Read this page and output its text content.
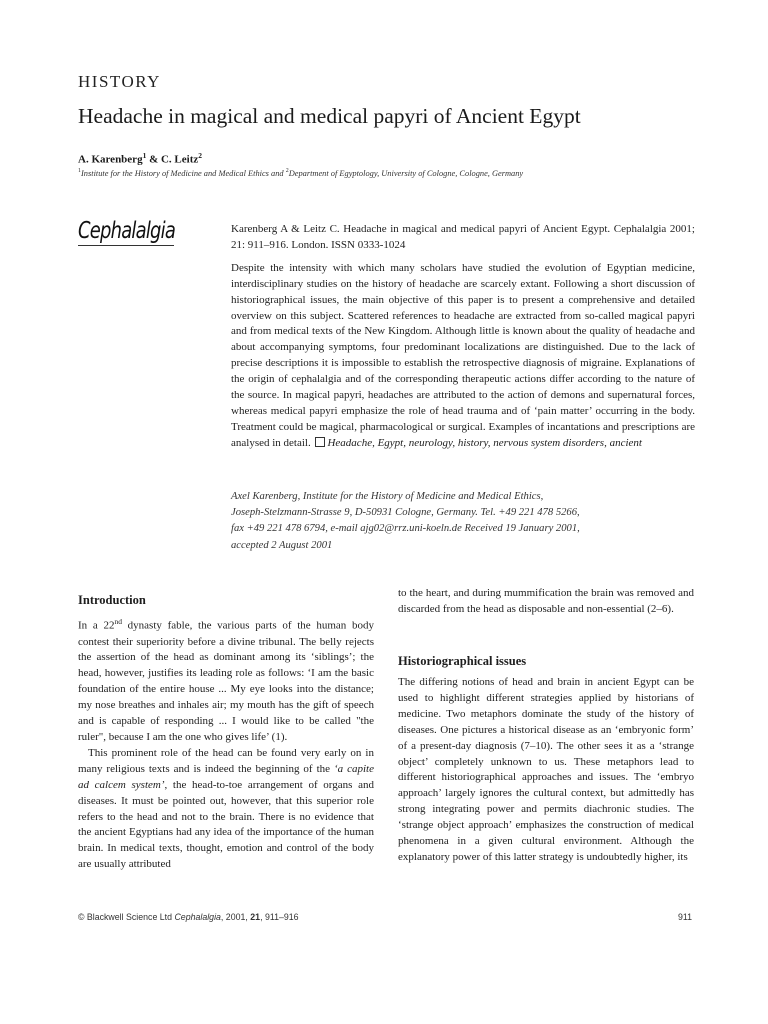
HISTORY
Headache in magical and medical papyri of Ancient Egypt
A. Karenberg$^1$ & C. Leitz$^2$
$^1$Institute for the History of Medicine and Medical Ethics and $^2$Department of Egyptology, University of Cologne, Cologne, Germany
Cephalalgia	Karenberg A & Leitz C. Headache in magical and medical papyri of Ancient Egypt. Cephalalgia 2001; 21: 911–916. London. ISSN 0333-1024

Despite the intensity with which many scholars have studied the evolution of Egyptian medicine, interdisciplinary studies on the history of headache are scarcely extant. Following a short discussion of historiographical issues, the main objective of this paper is to present a comprehensive and detailed overview on this subject. Scattered references to headache are extracted from so-called magical papyri and from medical texts of the New Kingdom. Although little is known about the quality of headache and about accompanying symptoms, four predominant localizations are distinguished. Due to the lack of precise descriptions it is impossible to establish the retrospective diagnosis of migraine. Explanations of the origin of cephalalgia and of the corresponding therapeutic actions differ according to the nature of the source. In magical papyri, headaches are attributed to the action of demons and supernatural forces, whereas medical papyri emphasize the role of head trauma and of ‘pain matter’ occurring in the body. Treatment could be magical, pharmacological or surgical. Examples of incantations and prescriptions are analysed in detail. Headache, Egypt, neurology, history, nervous system disorders, ancient

Axel Karenberg, Institute for the History of Medicine and Medical Ethics,
Joseph-Stelzmann-Strasse 9, D-50931 Cologne, Germany. Tel. +49 221 478 5266,
fax +49 221 478 6794, e-mail ajg02@rrz.uni-koeln.de Received 19 January 2001,
accepted 2 August 2001
Introduction

In a 22nd dynasty fable, the various parts of the human body contest their superiority before a divine tribunal. The belly rejects the assertion of the head as dominant among its ‘siblings’; the head, however, justifies its leading role as follows: ‘I am the basic foundation of the entire house ... My eye looks into the distance; my nose breathes and inhales air; my mouth has the gift of speech and is capable of responding ... I would like to be called "the ruler", because I am the one who gives life’ (1).

This prominent role of the head can be found very early on in many religious texts and is indeed the beginning of the ‘a capite ad calcem system’, the head-to-toe arrangement of organs and diseases. It must be pointed out, however, that this superior role refers to the head and not to the brain. There is no evidence that the ancient Egyptians had any idea of the importance of the human brain. In medical texts, thought, emotion and control of the body are usually attributed

to the heart, and during mummification the brain was removed and discarded from the head as disposable and non-essential (2–6).

Historiographical issues

The differing notions of head and brain in ancient Egypt can be used to highlight different strategies applied by historians of medicine. Two metaphors dominate the study of the history of diseases. One pictures a historical disease as an ‘embryonic form’ of a present-day diagnosis (7–10). The other sees it as a ‘strange object’ completely unknown to us. These metaphors lead to different historiographical approaches and issues. The ‘embryo approach’ largely ignores the cultural context, but admittedly has strong integrating power and permits diachronic studies. The ‘strange object approach’ emphasizes the construction of medical phenomena in a given cultural environment. Although the explanatory power of this latter strategy is undoubtedly higher, its

© Blackwell Science Ltd Cephalalgia, 2001, 21, 911–916	911
